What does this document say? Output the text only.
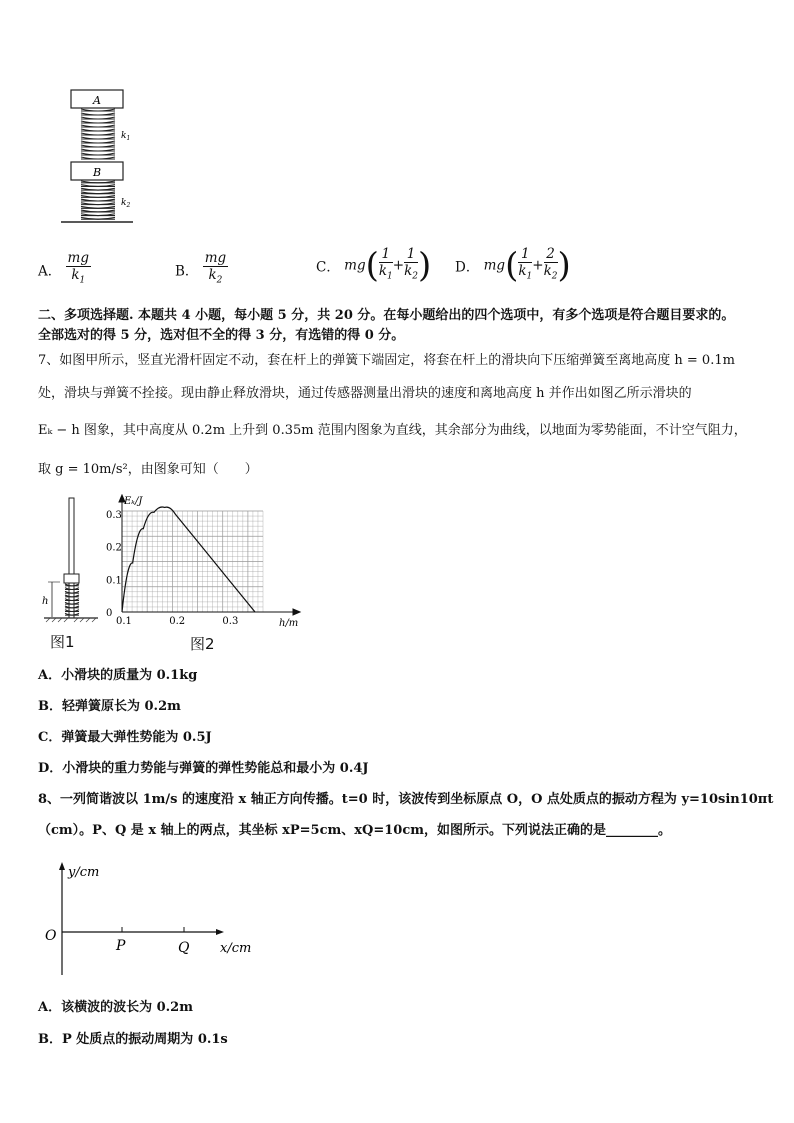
A
B
$k_1$
$k_2$
A． $\frac{mg}{k_1}$	B． $\frac{mg}{k_2}$	C． $mg( \frac{1}{k_1} + \frac{1}{k_2}$ ) D． $mg( \frac{1}{k_1} + \frac{2}{k_2}$ )
二、多项选择题. 本题共 4 小题，每小题 5 分，共 20 分。在每小题给出的四个选项中，有多个选项是符合题目要求的。
全部选对的得 5 分，选对但不全的得 3 分，有选错的得 0 分。
7、如图甲所示，竖直光滑杆固定不动，套在杆上的弹簧下端固定，将套在杆上的滑块向下压缩弹簧至离地高度 h = 0.1m
处，滑块与弹簧不拴接。现由静止释放滑块，通过传感器测量出滑块的速度和离地高度 h 并作出如图乙所示滑块的
Eₖ − h 图象，其中高度从 0.2m 上升到 0.35m 范围内图象为直线，其余部分为曲线，以地面为零势能面，不计空气阻力，
取 g = 10m/s²，由图象可知（　　）
h
图1
0.1	0.2	0.3
0
0.1
0.2
0.3
Eₖ/J
h/m
图2
A．小滑块的质量为 0.1kg
B．轻弹簧原长为 0.2m
C．弹簧最大弹性势能为 0.5J
D．小滑块的重力势能与弹簧的弹性势能总和最小为 0.4J
8、一列简谐波以 1m/s 的速度沿 x 轴正方向传播。t=0 时，该波传到坐标原点 O，O 点处质点的振动方程为 y=10sin10πt
（cm）。P、Q 是 x 轴上的两点，其坐标 xP=5cm、xQ=10cm，如图所示。下列说法正确的是________。
y/cm
O
P	Q x/cm
A．该横波的波长为 0.2m
B．P 处质点的振动周期为 0.1s
